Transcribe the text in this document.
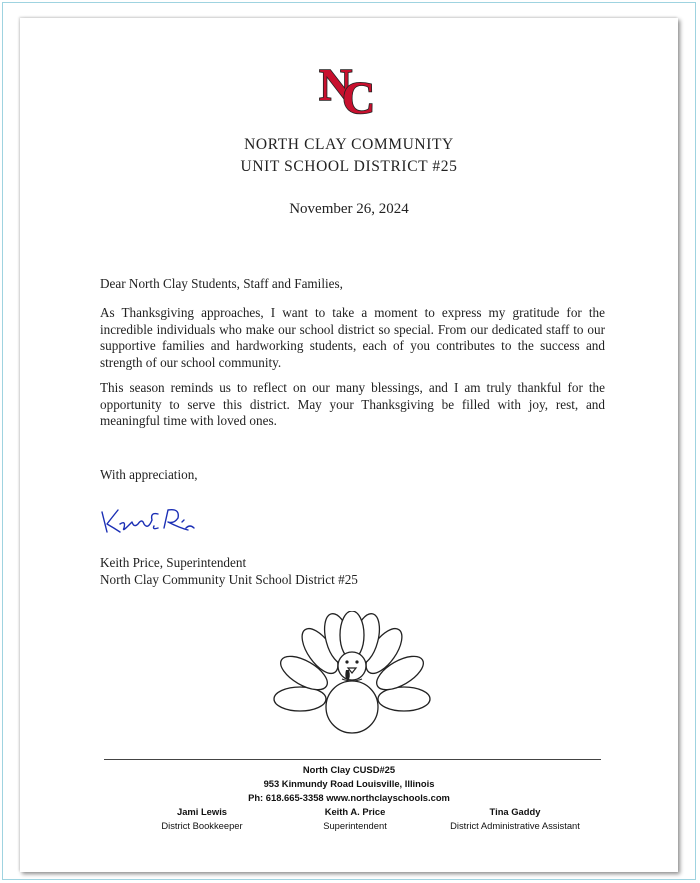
N
C
NORTH CLAY COMMUNITY
UNIT SCHOOL DISTRICT #25
November 26, 2024
Dear North Clay Students, Staff and Families,
As Thanksgiving approaches, I want to take a moment to express my gratitude for the incredible individuals who make our school district so special. From our dedicated staff to our supportive families and hardworking students, each of you contributes to the success and strength of our school community.
This season reminds us to reflect on our many blessings, and I am truly thankful for the opportunity to serve this district. May your Thanksgiving be filled with joy, rest, and meaningful time with loved ones.
With appreciation,
Keith Price, Superintendent
North Clay Community Unit School District #25
North Clay CUSD#25
953 Kinmundy Road Louisville, Illinois
Ph: 618.665-3358 www.northclayschools.com
Jami Lewis
District Bookkeeper
Keith A. Price
Superintendent
Tina Gaddy
District Administrative Assistant
